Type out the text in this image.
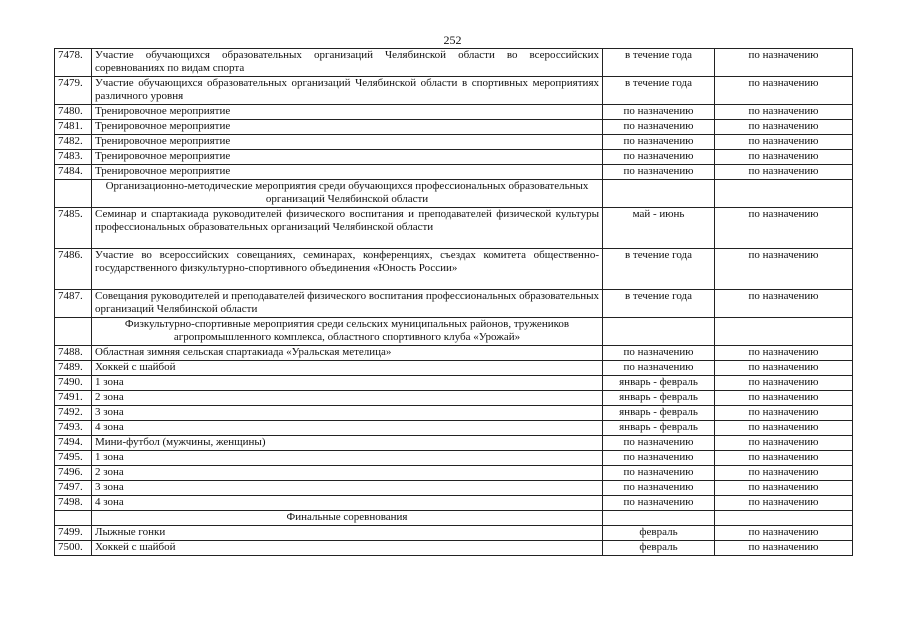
252
7478.	Участие обучающихся образовательных организаций Челябинской области во всероссийских соревнованиях по видам спорта	в течение года	по назначению
7479.	Участие обучающихся образовательных организаций Челябинской области в спортивных мероприятиях различного уровня	в течение года	по назначению
7480.	Тренировочное мероприятие	по назначению	по назначению
7481.	Тренировочное мероприятие	по назначению	по назначению
7482.	Тренировочное мероприятие	по назначению	по назначению
7483.	Тренировочное мероприятие	по назначению	по назначению
7484.	Тренировочное мероприятие	по назначению	по назначению
	Организационно-методические мероприятия среди обучающихся профессиональных образовательных организаций Челябинской области		
7485.	Семинар и спартакиада руководителей физического воспитания и преподавателей физической культуры профессиональных образовательных организаций Челябинской области	май - июнь	по назначению
7486.	Участие во всероссийских совещаниях, семинарах, конференциях, съездах комитета общественно-государственного физкультурно-спортивного объединения «Юность России»	в течение года	по назначению
7487.	Совещания руководителей и преподавателей физического воспитания профессиональных образовательных организаций Челябинской области	в течение года	по назначению
	Физкультурно-спортивные мероприятия среди сельских муниципальных районов, тружеников агропромышленного комплекса, областного спортивного клуба «Урожай»		
7488.	Областная зимняя сельская спартакиада «Уральская метелица»	по назначению	по назначению
7489.	Хоккей с шайбой	по назначению	по назначению
7490.	1 зона	январь - февраль	по назначению
7491.	2 зона	январь - февраль	по назначению
7492.	3 зона	январь - февраль	по назначению
7493.	4 зона	январь - февраль	по назначению
7494.	Мини-футбол (мужчины, женщины)	по назначению	по назначению
7495.	1 зона	по назначению	по назначению
7496.	2 зона	по назначению	по назначению
7497.	3 зона	по назначению	по назначению
7498.	4 зона	по назначению	по назначению
	Финальные соревнования		
7499.	Лыжные гонки	февраль	по назначению
7500.	Хоккей с шайбой	февраль	по назначению
